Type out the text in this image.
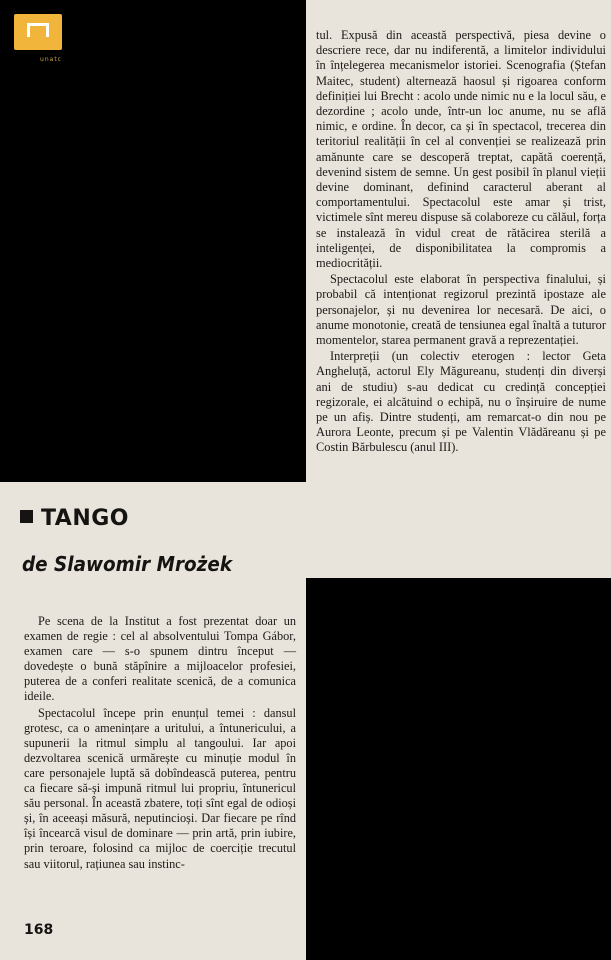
unatc

tul. Expusă din această perspectivă, piesa devine o descriere rece, dar nu indiferentă, a limitelor individului în înțelegerea mecanismelor istoriei. Scenografia (Ștefan Maitec, student) alternează haosul și rigoarea conform definiției lui Brecht : acolo unde nimic nu e la locul său, e dezordine ; acolo unde, într-un loc anume, nu se află nimic, e ordine. În decor, ca și în spectacol, trecerea din teritoriul realității în cel al convenției se realizează prin amănunte care se descoperă treptat, capătă coerență, devenind sistem de semne. Un gest posibil în planul vieții devine dominant, definind caracterul aberant al comportamentului. Spectacolul este amar și trist, victimele sînt mereu dispuse să colaboreze cu călăul, forța se instalează în vidul creat de rătăcirea sterilă a inteligenței, de disponibilitatea la compromis a mediocrității.

Spectacolul este elaborat în perspectiva finalului, și probabil că intenționat regizorul prezintă ipostaze ale personajelor, și nu devenirea lor necesară. De aici, o anume monotonie, creată de tensiunea egal înaltă a tuturor momentelor, starea permanent gravă a reprezentației.

Interpreții (un colectiv eterogen : lector Geta Angheluță, actorul Ely Măgureanu, studenți din diverși ani de studiu) s-au dedicat cu credință concepției regizorale, ei alcătuind o echipă, nu o înșiruire de nume pe un afiș. Dintre studenți, am remarcat-o din nou pe Aurora Leonte, precum și pe Valentin Vlădăreanu și pe Costin Bărbulescu (anul III).

TANGO
de Slawomir Mrożek

Pe scena de la Institut a fost prezentat doar un examen de regie : cel al absolventului Tompa Gábor, examen care — s-o spunem dintru început — dovedește o bună stăpînire a mijloacelor profesiei, puterea de a conferi realitate scenică, de a comunica ideile.

Spectacolul începe prin enunțul temei : dansul grotesc, ca o amenințare a uritului, a întunericului, a supunerii la ritmul simplu al tangoului. Iar apoi dezvoltarea scenică urmărește cu minuție modul în care personajele luptă să dobîndească puterea, pentru ca fiecare să-și impună ritmul lui propriu, întunericul său personal. În această zbatere, toți sînt egal de odioși și, în aceeași măsură, neputincioși. Dar fiecare pe rînd își încearcă visul de dominare — prin artă, prin iubire, prin teroare, folosind ca mijloc de coerciție trecutul sau viitorul, rațiunea sau instinc-

168
